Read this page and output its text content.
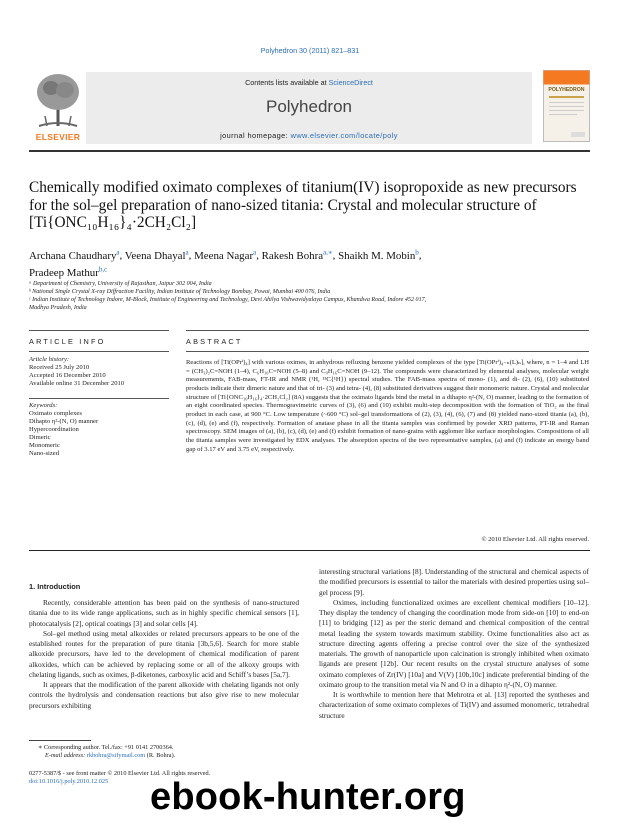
Polyhedron 30 (2011) 821–831
Contents lists available at ScienceDirect
Polyhedron
journal homepage: www.elsevier.com/locate/poly
ELSEVIER
POLYHEDRON
Chemically modified oximato complexes of titanium(IV) isopropoxide as new precursors for the sol–gel preparation of nano-sized titania: Crystal and molecular structure of [Ti{ONC₁₀H₁₆}₄·2CH₂Cl₂]
Archana Chaudhary$^a$, Veena Dhayal$^a$, Meena Nagar$^a$, Rakesh Bohra$^{a,∗}$, Shaikh M. Mobin$^b$,
Pradeep Mathur$^{b,c}$
ᵃ Department of Chemistry, University of Rajasthan, Jaipur 302 004, India
ᵇ National Single Crystal X-ray Diffraction Facility, Indian Institute of Technology Bombay, Powai, Mumbai 400 076, India
ᶜ Indian Institute of Technology Indore, M-Block, Institute of Engineering and Technology, Devi Ahilya Vishwavidyalaya Campus, Khandwa Road, Indore 452 017,
Madhya Pradesh, India
ARTICLE INFO
Article history:
Received 25 July 2010
Accepted 16 December 2010
Available online 31 December 2010
Keywords:
Oximato complexes
Dihapto η²-(N, O) manner
Hypercoordination
Dimeric
Monomeric
Nano-sized
ABSTRACT
Reactions of [Ti(OPrⁱ)₄] with various oximes, in anhydrous refluxing benzene yielded complexes of the type [Ti(OPrⁱ)₄₋ₙ(L)ₙ], where, n = 1–4 and LH = (CH₃)₂C=NOH (1–4), C₆H₁₀C=NOH (5–8) and C₉H₁₆C=NOH (9–12). The compounds were characterized by elemental analyses, molecular weight measurements, FAB-mass, FT-IR and NMR (¹H, ¹³C{¹H}) spectral studies. The FAB-mass spectra of mono- (1), and di- (2), (6), (10) substituted products indicate their dimeric nature and that of tri- (3) and tetra- (4), (8) substituted derivatives suggest their monomeric nature. Crystal and molecular structure of [Ti{ONC₁₀H₁₆}₄·2CH₂Cl₂] (8A) suggests that the oximato ligands bind the metal in a dihapto η²-(N, O) manner, leading to the formation of an eight coordinated species. Thermogravimetric curves of (3), (6) and (10) exhibit multi-step decomposition with the formation of TiO₂ as the final product in each case, at 900 °C. Low temperature (~600 °C) sol–gel transformations of (2), (3), (4), (6), (7) and (8) yielded nano-sized titania (a), (b), (c), (d), (e) and (f), respectively. Formation of anatase phase in all the titania samples was confirmed by powder XRD patterns, FT-IR and Raman spectroscopy. SEM images of (a), (b), (c), (d), (e) and (f) exhibit formation of nano-grains with agglomer like surface morphologies. Compositions of all the titania samples were investigated by EDX analyses. The absorption spectra of the two representative samples, (a) and (f) indicate an energy band gap of 3.17 eV and 3.75 eV, respectively.
© 2010 Elsevier Ltd. All rights reserved.
1. Introduction

Recently, considerable attention has been paid on the synthesis of nano-structured titania due to its wide range applications, such as in highly specific chemical sensors [1], photocatalysis [2], optical coatings [3] and solar cells [4].

Sol–gel method using metal alkoxides or related precursors appears to be one of the established routes for the preparation of pure titania [3b,5,6]. Search for more stable alkoxide precursors, have led to the development of chemical modification of parent alkoxides, which can be achieved by replacing some or all of the alkoxy groups with chelating ligands, such as oximes, β-diketones, carboxylic acid and Schiff’s bases [5a,7].

It appears that the modification of the parent alkoxide with chelating ligands not only controls the hydrolysis and condensation reactions but also give rise to new molecular precursors exhibiting

interesting structural variations [8]. Understanding of the structural and chemical aspects of the modified precursors is essential to tailor the materials with desired properties using sol–gel process [9].

Oximes, including functionalized oximes are excellent chemical modifiers [10–12]. They display the tendency of changing the coordination mode from side-on [10] to end-on [11] to bridging [12] as per the steric demand and chemical composition of the central metal leading the system towards maximum stability. Oxime functionalities also act as structure directing agents offering a precise control over the size of the synthesized materials. The growth of nanoparticle upon calcination is strongly inhibited when oximato ligands are present [12b]. Our recent results on the crystal structure analyses of some oximato complexes of Zr(IV) [10a] and V(V) [10b,10c] indicate preferential binding of the oximato group to the transition metal via N and O in a dihapto η²-(N, O) manner.

It is worthwhile to mention here that Mehrotra et al. [13] reported the syntheses and characterization of some oximato complexes of Ti(IV) and assumed monomeric, tetrahedral structure

∗ Corresponding author. Tel./fax: +91 0141 2700364.
E-mail address: rkbohra@sifymail.com (R. Bohra).
0277-5387/$ - see front matter © 2010 Elsevier Ltd. All rights reserved.
doi:10.1016/j.poly.2010.12.025	ebook-hunter.org
